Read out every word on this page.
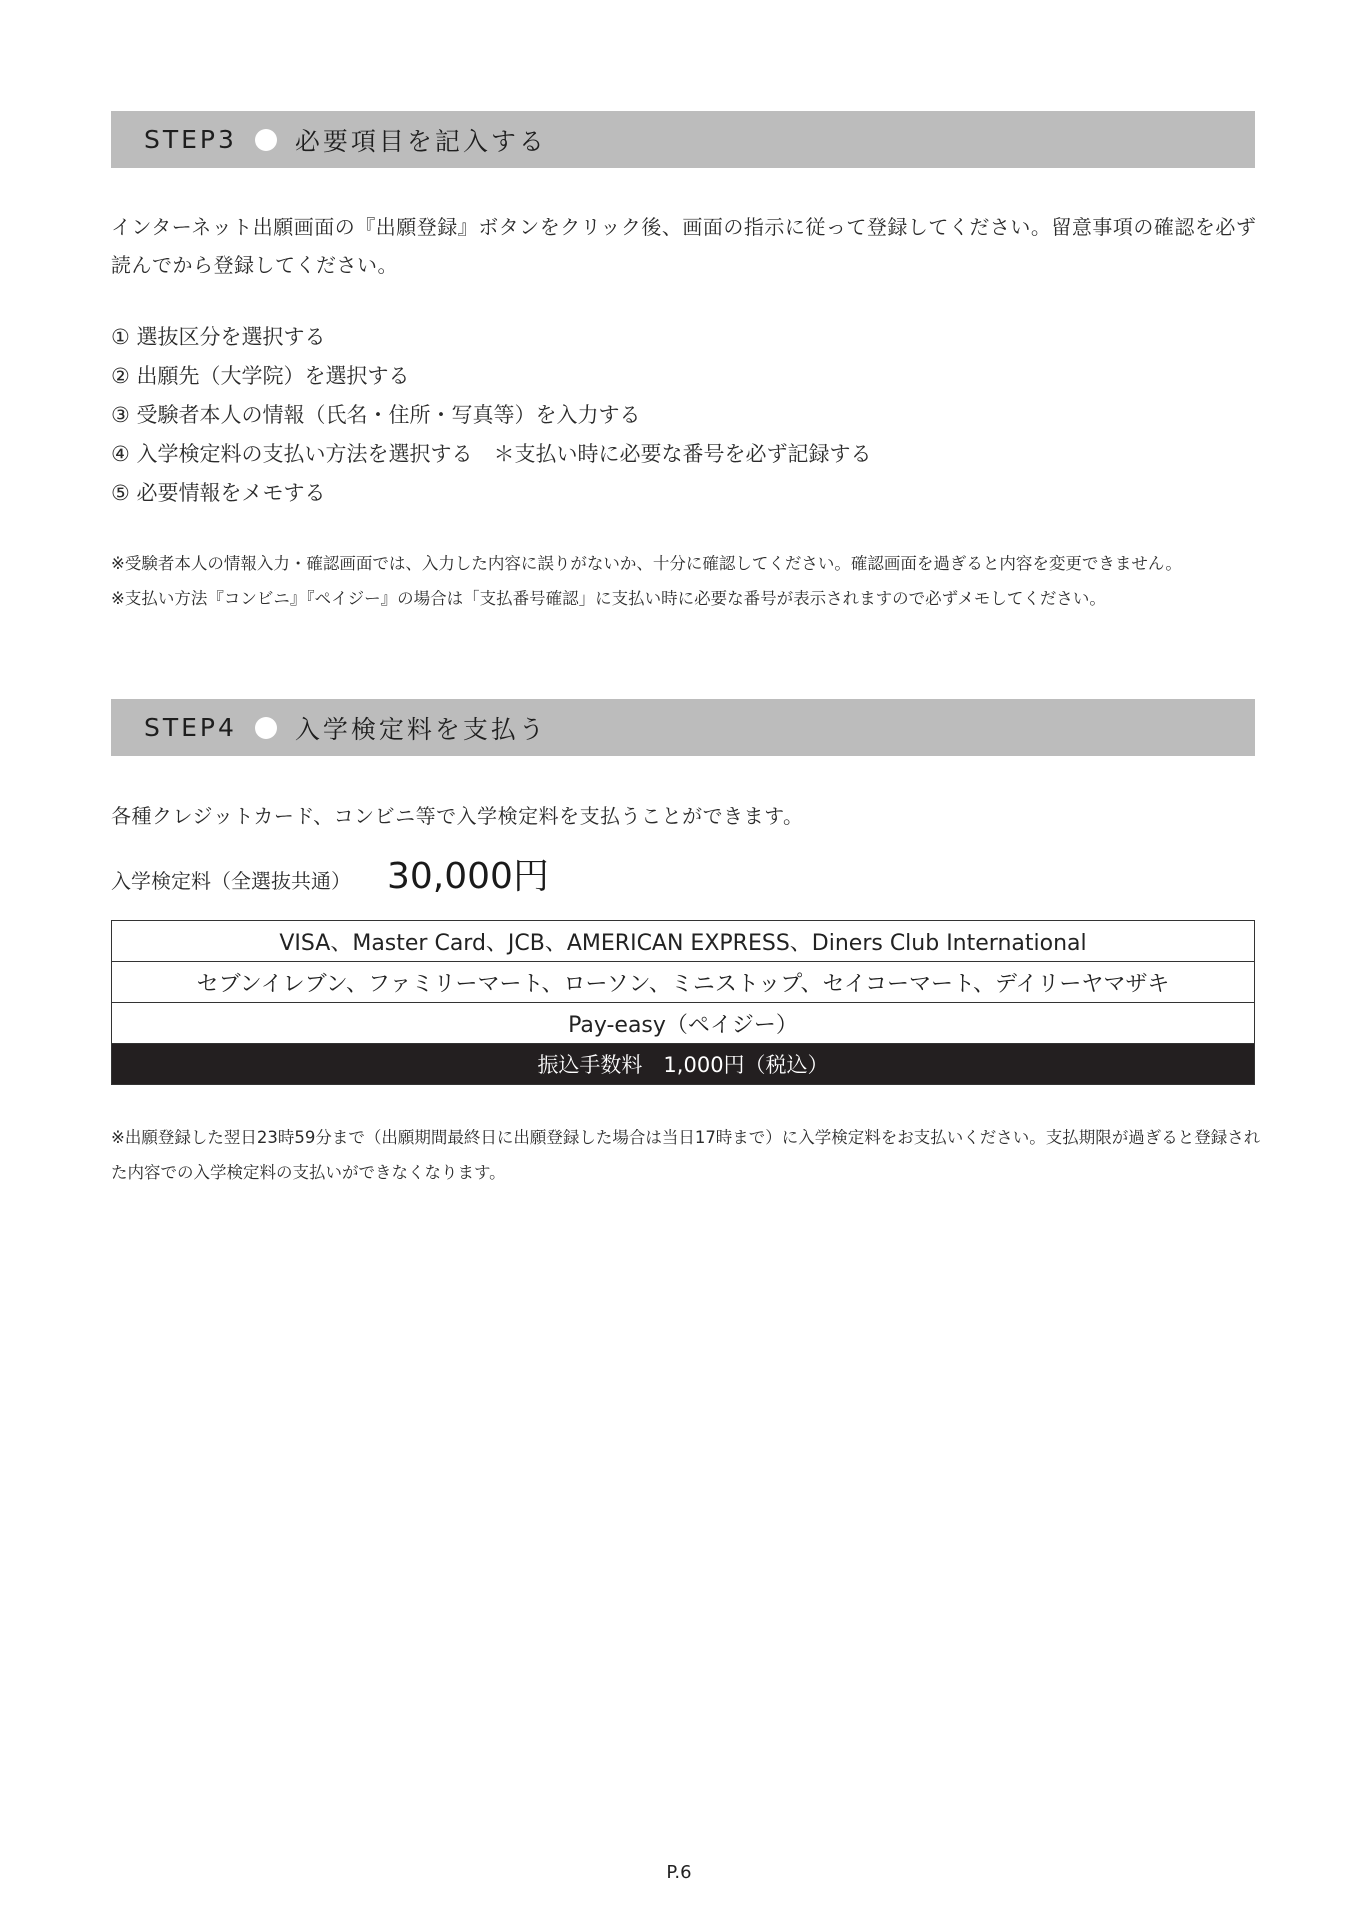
STEP3 必要項目を記入する
インターネット出願画面の『出願登録』ボタンをクリック後、画面の指示に従って登録してください。留意事項の確認を必ず読んでから登録してください。
① 選抜区分を選択する
② 出願先（大学院）を選択する
③ 受験者本人の情報（氏名・住所・写真等）を入力する
④ 入学検定料の支払い方法を選択する　＊支払い時に必要な番号を必ず記録する
⑤ 必要情報をメモする

※受験者本人の情報入力・確認画面では、入力した内容に誤りがないか、十分に確認してください。確認画面を過ぎると内容を変更できません。

※支払い方法『コンビニ』『ペイジー』の場合は「支払番号確認」に支払い時に必要な番号が表示されますので必ずメモしてください。

STEP4 入学検定料を支払う
各種クレジットカード、コンビニ等で入学検定料を支払うことができます。
入学検定料（全選抜共通） 30,000円
VISA、Master Card、JCB、AMERICAN EXPRESS、Diners Club International
セブンイレブン、ファミリーマート、ローソン、ミニストップ、セイコーマート、デイリーヤマザキ
Pay-easy（ペイジー）
振込手数料　1,000円（税込）
※出願登録した翌日23時59分まで（出願期間最終日に出願登録した場合は当日17時まで）に入学検定料をお支払いください。支払期限が過ぎると登録された内容での入学検定料の支払いができなくなります。
P.6
